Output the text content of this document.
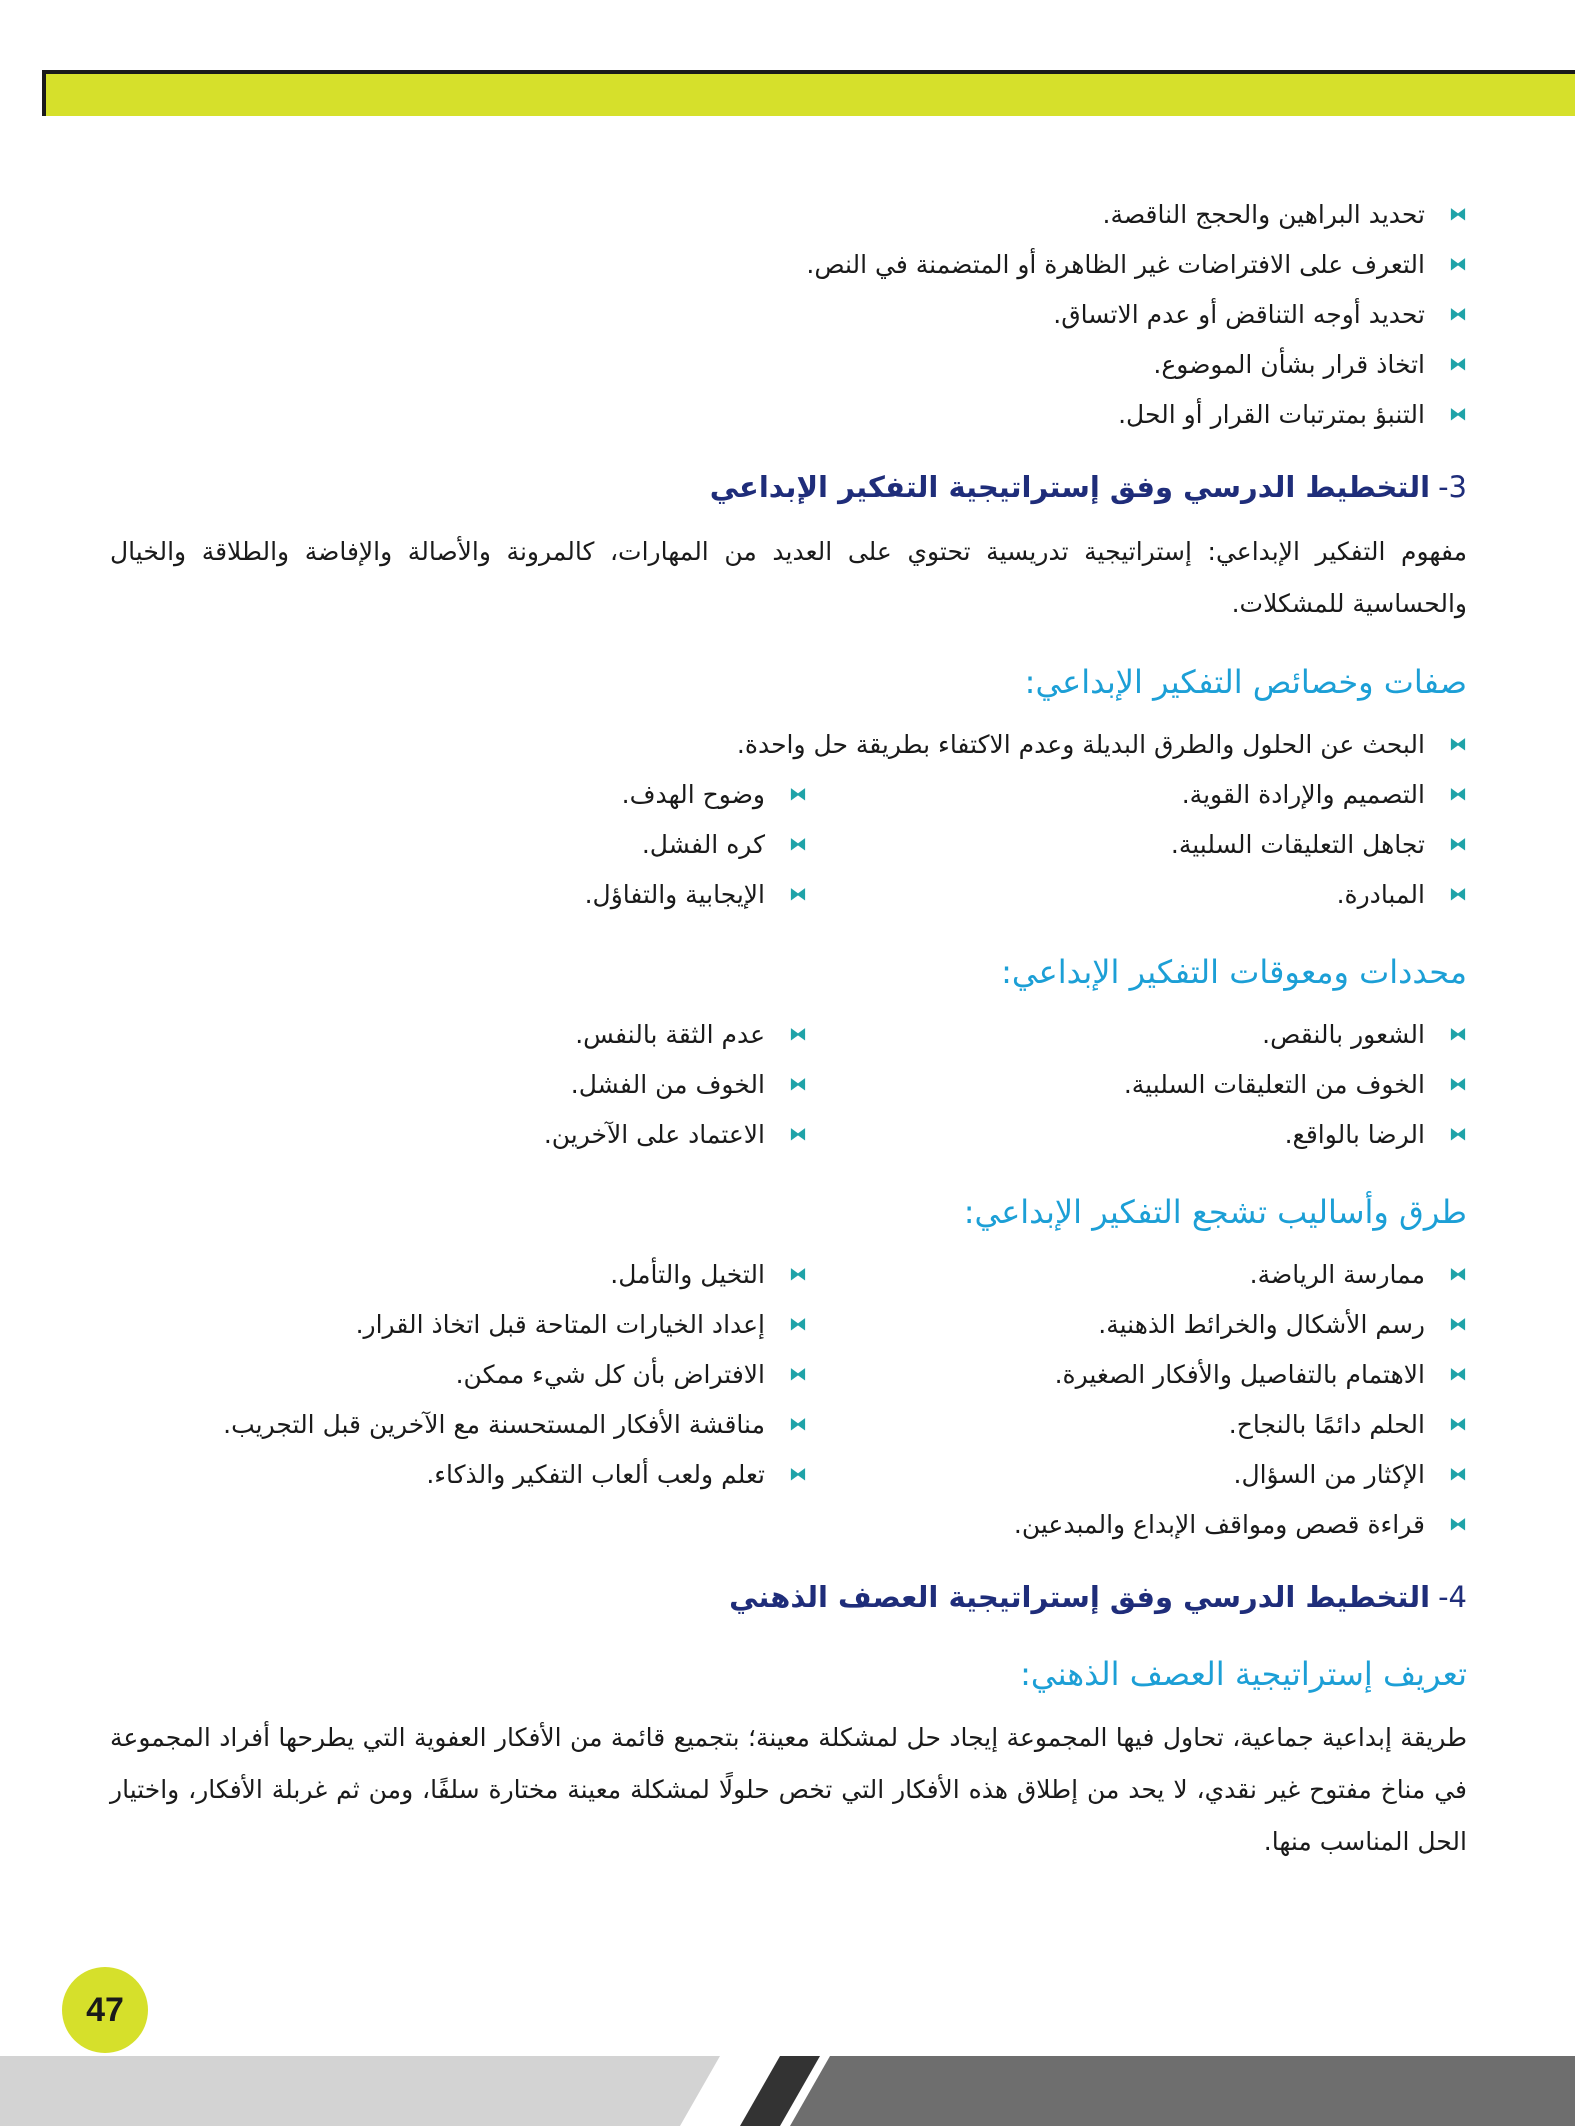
⧓
تحديد البراهين والحجج الناقصة.
⧓
التعرف على الافتراضات غير الظاهرة أو المتضمنة في النص.
⧓
تحديد أوجه التناقض أو عدم الاتساق.
⧓
اتخاذ قرار بشأن الموضوع.
⧓
التنبؤ بمترتبات القرار أو الحل.
3-التخطيط الدرسي وفق إستراتيجية التفكير الإبداعي

مفهوم التفكير الإبداعي: إستراتيجية تدريسية تحتوي على العديد من المهارات، كالمرونة والأصالة والإفاضة والطلاقة والخيال والحساسية للمشكلات.

صفات وخصائص التفكير الإبداعي:
⧓
البحث عن الحلول والطرق البديلة وعدم الاكتفاء بطريقة حل واحدة.
⧓
التصميم والإرادة القوية.
⧓
تجاهل التعليقات السلبية.
⧓
المبادرة.
⧓
وضوح الهدف.
⧓
كره الفشل.
⧓
الإيجابية والتفاؤل.
محددات ومعوقات التفكير الإبداعي:
⧓
الشعور بالنقص.
⧓
الخوف من التعليقات السلبية.
⧓
الرضا بالواقع.
⧓
عدم الثقة بالنفس.
⧓
الخوف من الفشل.
⧓
الاعتماد على الآخرين.
طرق وأساليب تشجع التفكير الإبداعي:
⧓
ممارسة الرياضة.
⧓
رسم الأشكال والخرائط الذهنية.
⧓
الاهتمام بالتفاصيل والأفكار الصغيرة.
⧓
الحلم دائمًا بالنجاح.
⧓
الإكثار من السؤال.
⧓
قراءة قصص ومواقف الإبداع والمبدعين.
⧓
التخيل والتأمل.
⧓
إعداد الخيارات المتاحة قبل اتخاذ القرار.
⧓
الافتراض بأن كل شيء ممكن.
⧓
مناقشة الأفكار المستحسنة مع الآخرين قبل التجريب.
⧓
تعلم ولعب ألعاب التفكير والذكاء.
4-التخطيط الدرسي وفق إستراتيجية العصف الذهني
تعريف إستراتيجية العصف الذهني:

طريقة إبداعية جماعية، تحاول فيها المجموعة إيجاد حل لمشكلة معينة؛ بتجميع قائمة من الأفكار العفوية التي يطرحها أفراد المجموعة في مناخ مفتوح غير نقدي، لا يحد من إطلاق هذه الأفكار التي تخص حلولًا لمشكلة معينة مختارة سلفًا، ومن ثم غربلة الأفكار، واختيار الحل المناسب منها.

47
